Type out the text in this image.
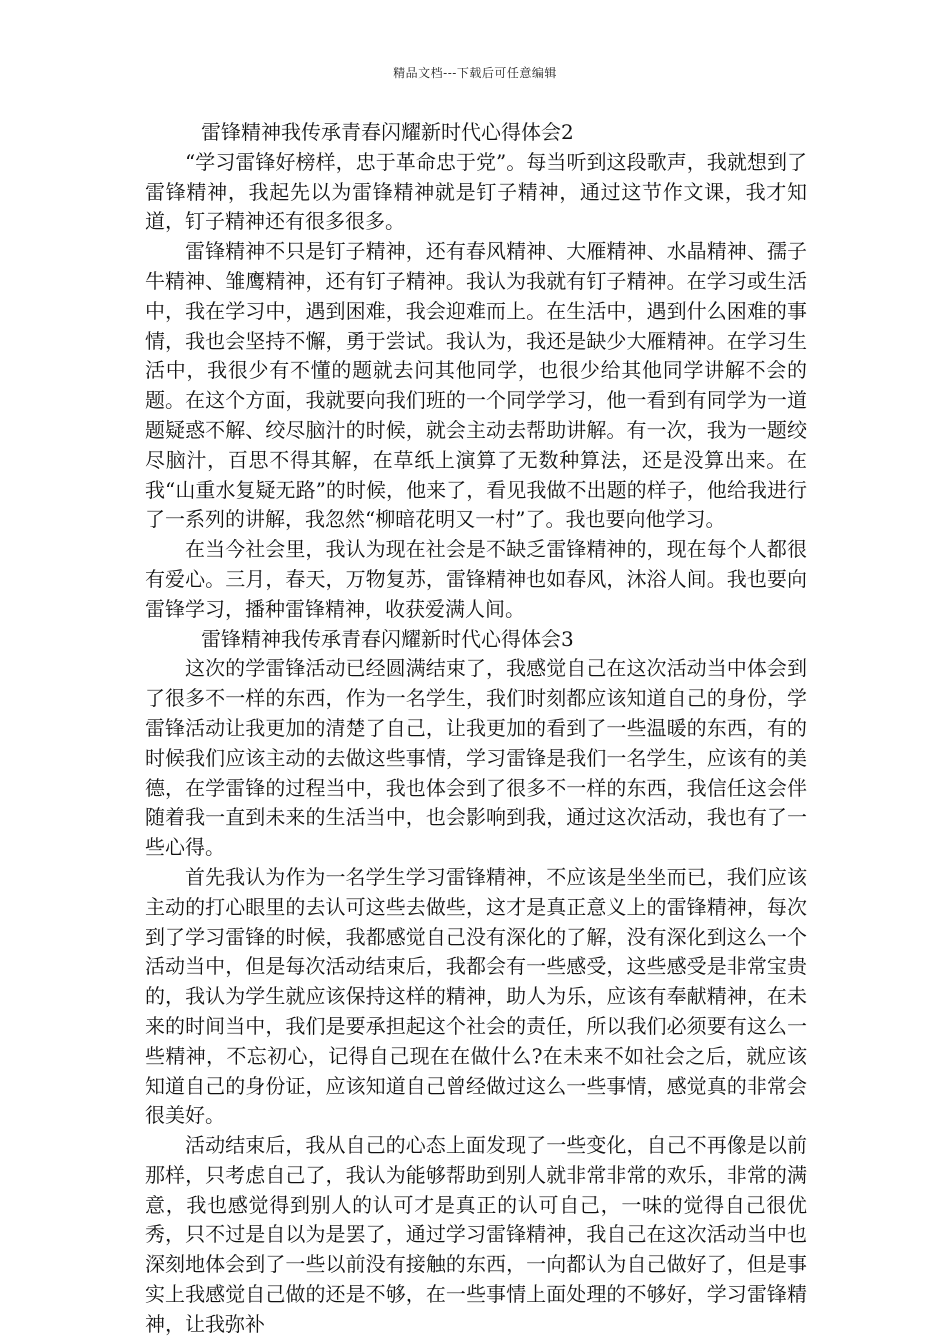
精品文档---下载后可任意编辑

雷锋精神我传承青春闪耀新时代心得体会2

“学习雷锋好榜样，忠于革命忠于党”。每当听到这段歌声，我就想到了雷锋精神，我起先以为雷锋精神就是钉子精神，通过这节作文课，我才知道，钉子精神还有很多很多。

雷锋精神不只是钉子精神，还有春风精神、大雁精神、水晶精神、孺子牛精神、雏鹰精神，还有钉子精神。我认为我就有钉子精神。在学习或生活中，我在学习中，遇到困难，我会迎难而上。在生活中，遇到什么困难的事情，我也会坚持不懈，勇于尝试。我认为，我还是缺少大雁精神。在学习生活中，我很少有不懂的题就去问其他同学，也很少给其他同学讲解不会的题。在这个方面，我就要向我们班的一个同学学习，他一看到有同学为一道题疑惑不解、绞尽脑汁的时候，就会主动去帮助讲解。有一次，我为一题绞尽脑汁，百思不得其解，在草纸上演算了无数种算法，还是没算出来。在我“山重水复疑无路”的时候，他来了，看见我做不出题的样子，他给我进行了一系列的讲解，我忽然“柳暗花明又一村”了。我也要向他学习。

在当今社会里，我认为现在社会是不缺乏雷锋精神的，现在每个人都很有爱心。三月，春天，万物复苏，雷锋精神也如春风，沐浴人间。我也要向雷锋学习，播种雷锋精神，收获爱满人间。

雷锋精神我传承青春闪耀新时代心得体会3

这次的学雷锋活动已经圆满结束了，我感觉自己在这次活动当中体会到了很多不一样的东西，作为一名学生，我们时刻都应该知道自己的身份，学雷锋活动让我更加的清楚了自己，让我更加的看到了一些温暖的东西，有的时候我们应该主动的去做这些事情，学习雷锋是我们一名学生，应该有的美德，在学雷锋的过程当中，我也体会到了很多不一样的东西，我信任这会伴随着我一直到未来的生活当中，也会影响到我，通过这次活动，我也有了一些心得。

首先我认为作为一名学生学习雷锋精神，不应该是坐坐而已，我们应该主动的打心眼里的去认可这些去做些，这才是真正意义上的雷锋精神，每次到了学习雷锋的时候，我都感觉自己没有深化的了解，没有深化到这么一个活动当中，但是每次活动结束后，我都会有一些感受，这些感受是非常宝贵的，我认为学生就应该保持这样的精神，助人为乐，应该有奉献精神，在未来的时间当中，我们是要承担起这个社会的责任，所以我们必须要有这么一些精神，不忘初心，记得自己现在在做什么?在未来不如社会之后，就应该知道自己的身份证，应该知道自己曾经做过这么一些事情，感觉真的非常会很美好。

活动结束后，我从自己的心态上面发现了一些变化，自己不再像是以前那样，只考虑自己了，我认为能够帮助到别人就非常非常的欢乐，非常的满意，我也感觉得到别人的认可才是真正的认可自己，一味的觉得自己很优秀，只不过是自以为是罢了，通过学习雷锋精神，我自己在这次活动当中也深刻地体会到了一些以前没有接触的东西，一向都认为自己做好了，但是事实上我感觉自己做的还是不够，在一些事情上面处理的不够好，学习雷锋精神，让我弥补
